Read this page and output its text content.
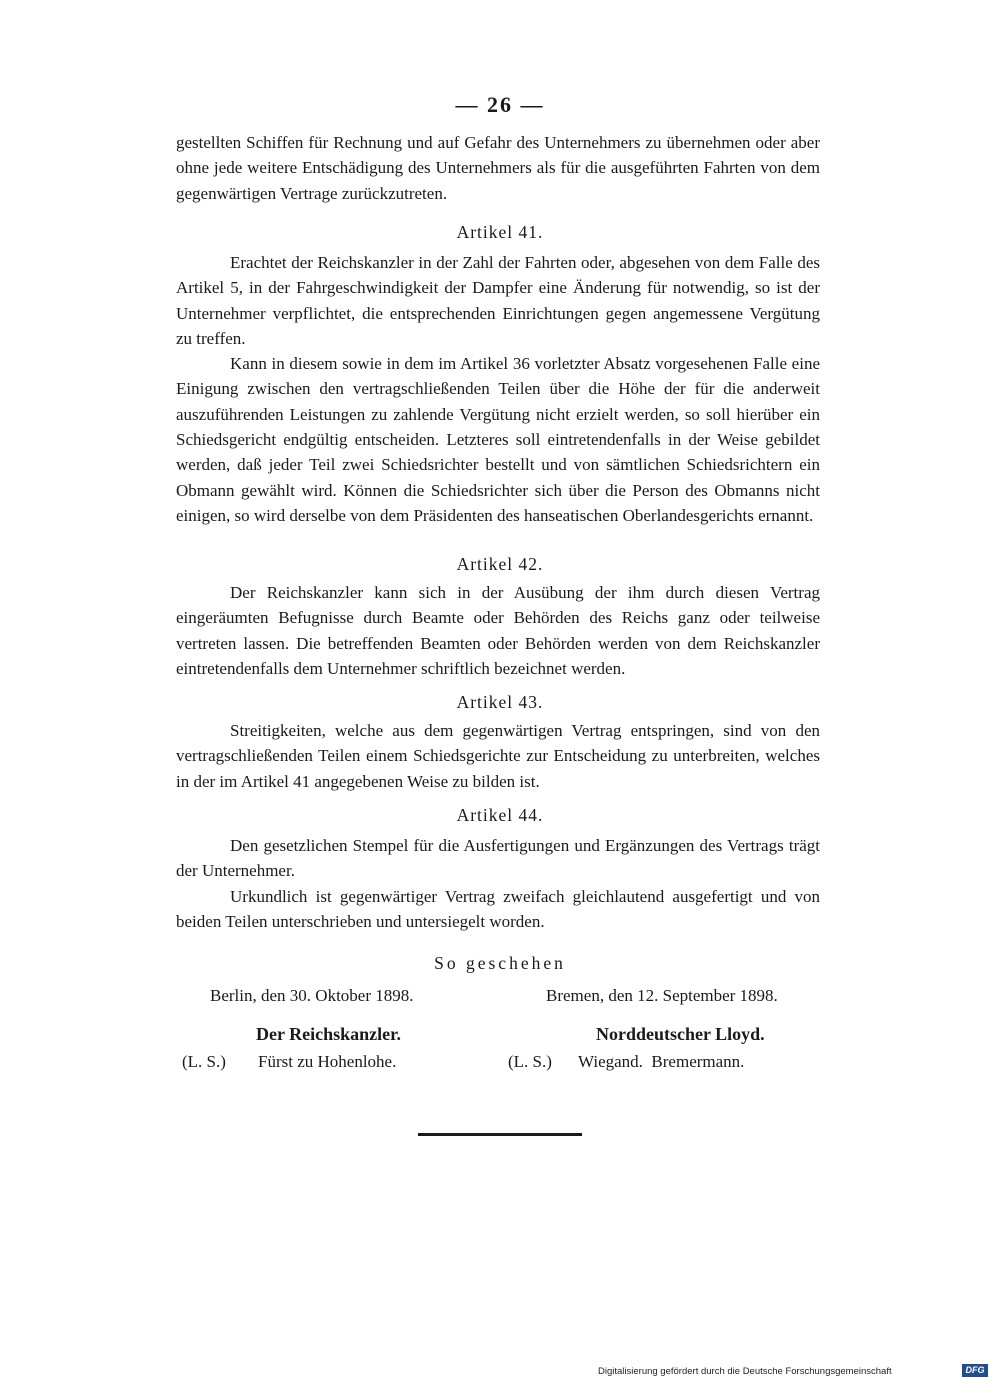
— 26 —

gestellten Schiffen für Rechnung und auf Gefahr des Unternehmers zu übernehmen oder aber ohne jede weitere Entschädigung des Unternehmers als für die ausgeführten Fahrten von dem gegenwärtigen Vertrage zurückzutreten.

Artikel 41.

Erachtet der Reichskanzler in der Zahl der Fahrten oder, abgesehen von dem Falle des Artikel 5, in der Fahrgeschwindigkeit der Dampfer eine Änderung für notwendig, so ist der Unternehmer verpflichtet, die entsprechenden Einrichtungen gegen angemessene Vergütung zu treffen.

Kann in diesem sowie in dem im Artikel 36 vorletzter Absatz vorgesehenen Falle eine Einigung zwischen den vertragschließenden Teilen über die Höhe der für die anderweit auszuführenden Leistungen zu zahlende Vergütung nicht erzielt werden, so soll hierüber ein Schiedsgericht endgültig entscheiden. Letzteres soll eintretendenfalls in der Weise gebildet werden, daß jeder Teil zwei Schiedsrichter bestellt und von sämtlichen Schiedsrichtern ein Obmann gewählt wird. Können die Schiedsrichter sich über die Person des Obmanns nicht einigen, so wird derselbe von dem Präsidenten des hanseatischen Oberlandesgerichts ernannt.

Artikel 42.

Der Reichskanzler kann sich in der Ausübung der ihm durch diesen Vertrag eingeräumten Befugnisse durch Beamte oder Behörden des Reichs ganz oder teilweise vertreten lassen. Die betreffenden Beamten oder Behörden werden von dem Reichskanzler eintretendenfalls dem Unternehmer schriftlich bezeichnet werden.

Artikel 43.

Streitigkeiten, welche aus dem gegenwärtigen Vertrag entspringen, sind von den vertragschließenden Teilen einem Schiedsgerichte zur Entscheidung zu unterbreiten, welches in der im Artikel 41 angegebenen Weise zu bilden ist.

Artikel 44.

Den gesetzlichen Stempel für die Ausfertigungen und Ergänzungen des Vertrags trägt der Unternehmer.

Urkundlich ist gegenwärtiger Vertrag zweifach gleichlautend ausgefertigt und von beiden Teilen unterschrieben und untersiegelt worden.

So geschehen
Berlin, den 30. Oktober 1898.	Bremen, den 12. September 1898.
Der Reichskanzler.	Norddeutscher Lloyd.
(L. S.) Fürst zu Hohenlohe.	(L. S.) Wiegand.  Bremermann.
Digitalisierung gefördert durch die Deutsche Forschungsgemeinschaft	DFG
